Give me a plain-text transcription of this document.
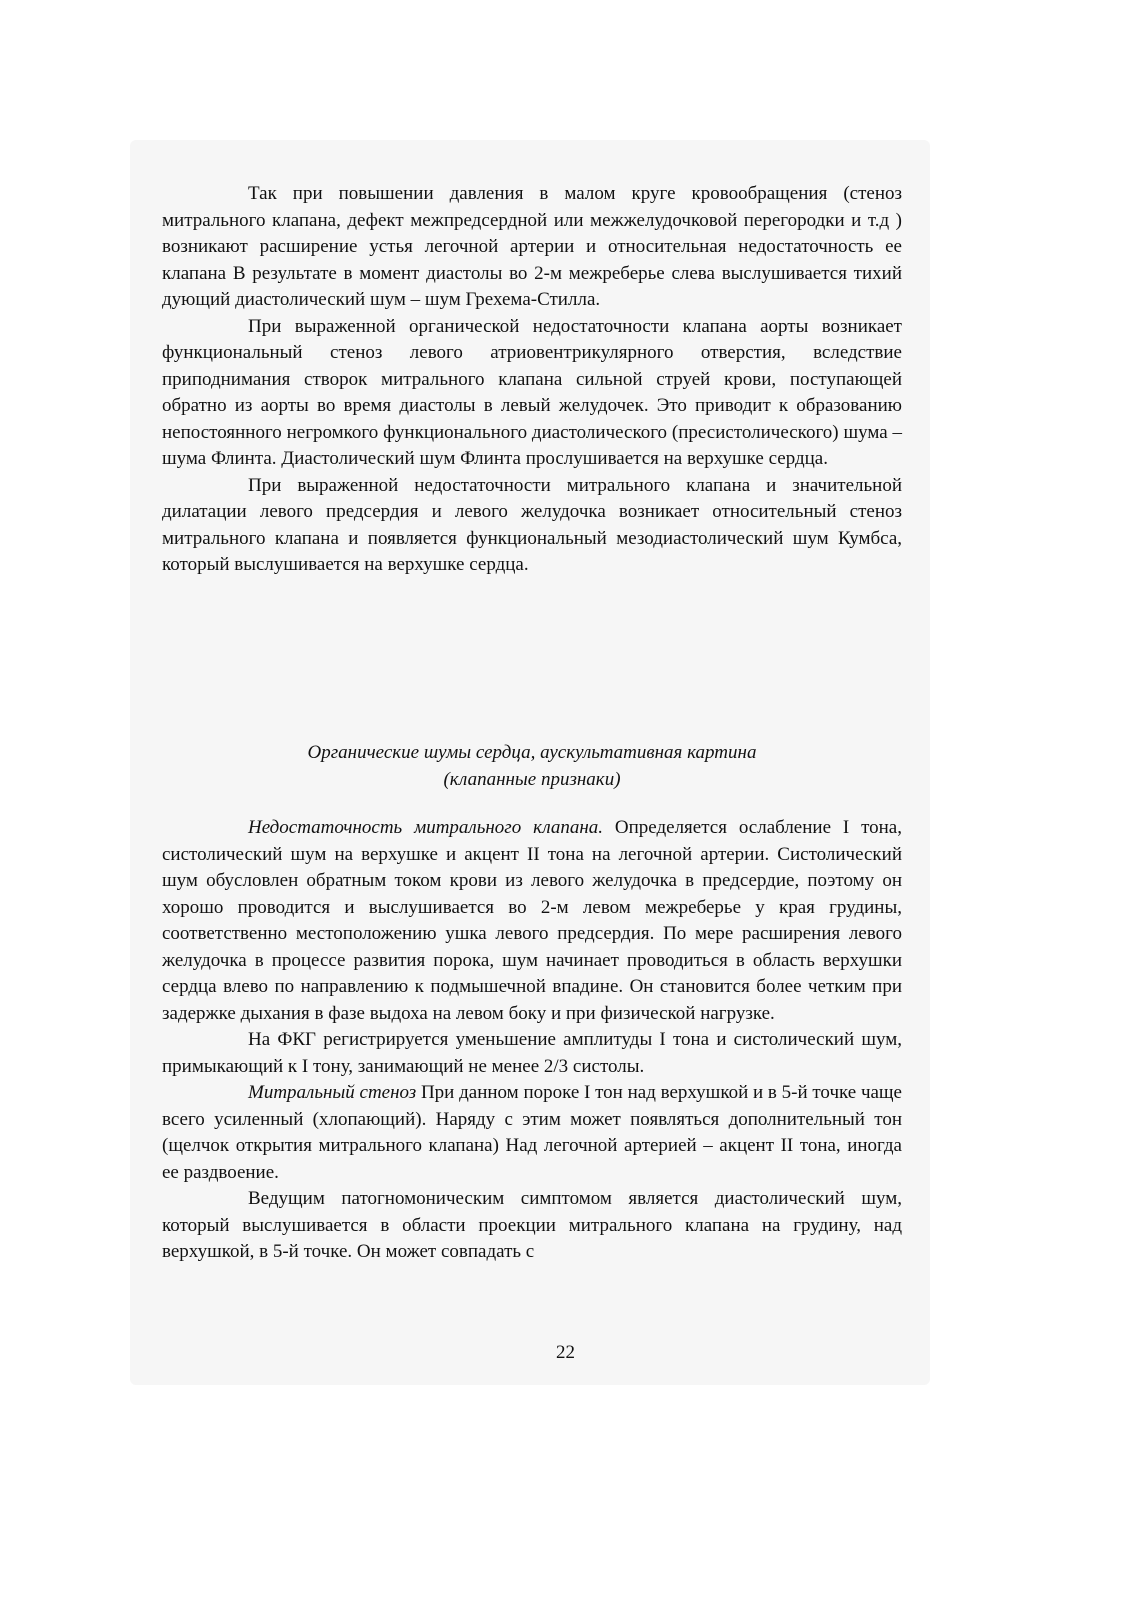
Так при повышении давления в малом круге кровообращения (стеноз митрального клапана, дефект межпредсердной или межжелудочковой перегородки и т.д ) возникают расширение устья легочной артерии и относительная недостаточность ее клапана В результате в момент диастолы во 2-м межреберье слева выслушивается тихий дующий диастолический шум – шум Грехема-Стилла.

При выраженной органической недостаточности клапана аорты возникает функциональный стеноз левого атриовентрикулярного отверстия, вследствие приподнимания створок митрального клапана сильной струей крови, поступающей обратно из аорты во время диастолы в левый желудочек. Это приводит к образованию непостоянного негромкого функционального диастолического (пресистолического) шума – шума Флинта. Диастолический шум Флинта прослушивается на верхушке сердца.

При выраженной недостаточности митрального клапана и значительной дилатации левого предсердия и левого желудочка возникает относительный стеноз митрального клапана и появляется функциональный мезодиастолический шум Кумбса, который выслушивается на верхушке сердца.

Органические шумы сердца, аускультативная картина
(клапанные признаки)

Недостаточность митрального клапана. Определяется ослабление I тона, систолический шум на верхушке и акцент II тона на легочной артерии. Систолический шум обусловлен обратным током крови из левого желудочка в предсердие, поэтому он хорошо проводится и выслушивается во 2-м левом межреберье у края грудины, соответственно местоположению ушка левого предсердия. По мере расширения левого желудочка в процессе развития порока, шум начинает проводиться в область верхушки сердца влево по направлению к подмышечной впадине. Он становится более четким при задержке дыхания в фазе выдоха на левом боку и при физической нагрузке.

На ФКГ регистрируется уменьшение амплитуды I тона и систолический шум, примыкающий к I тону, занимающий не менее 2/3 систолы.

Митральный стеноз При данном пороке I тон над верхушкой и в 5-й точке чаще всего усиленный (хлопающий). Наряду с этим может появляться дополнительный тон (щелчок открытия митрального клапана) Над легочной артерией – акцент II тона, иногда ее раздвоение.

Ведущим патогномоническим симптомом является диастолический шум, который выслушивается в области проекции митрального клапана на грудину, над верхушкой, в 5-й точке. Он может совпадать с

22
